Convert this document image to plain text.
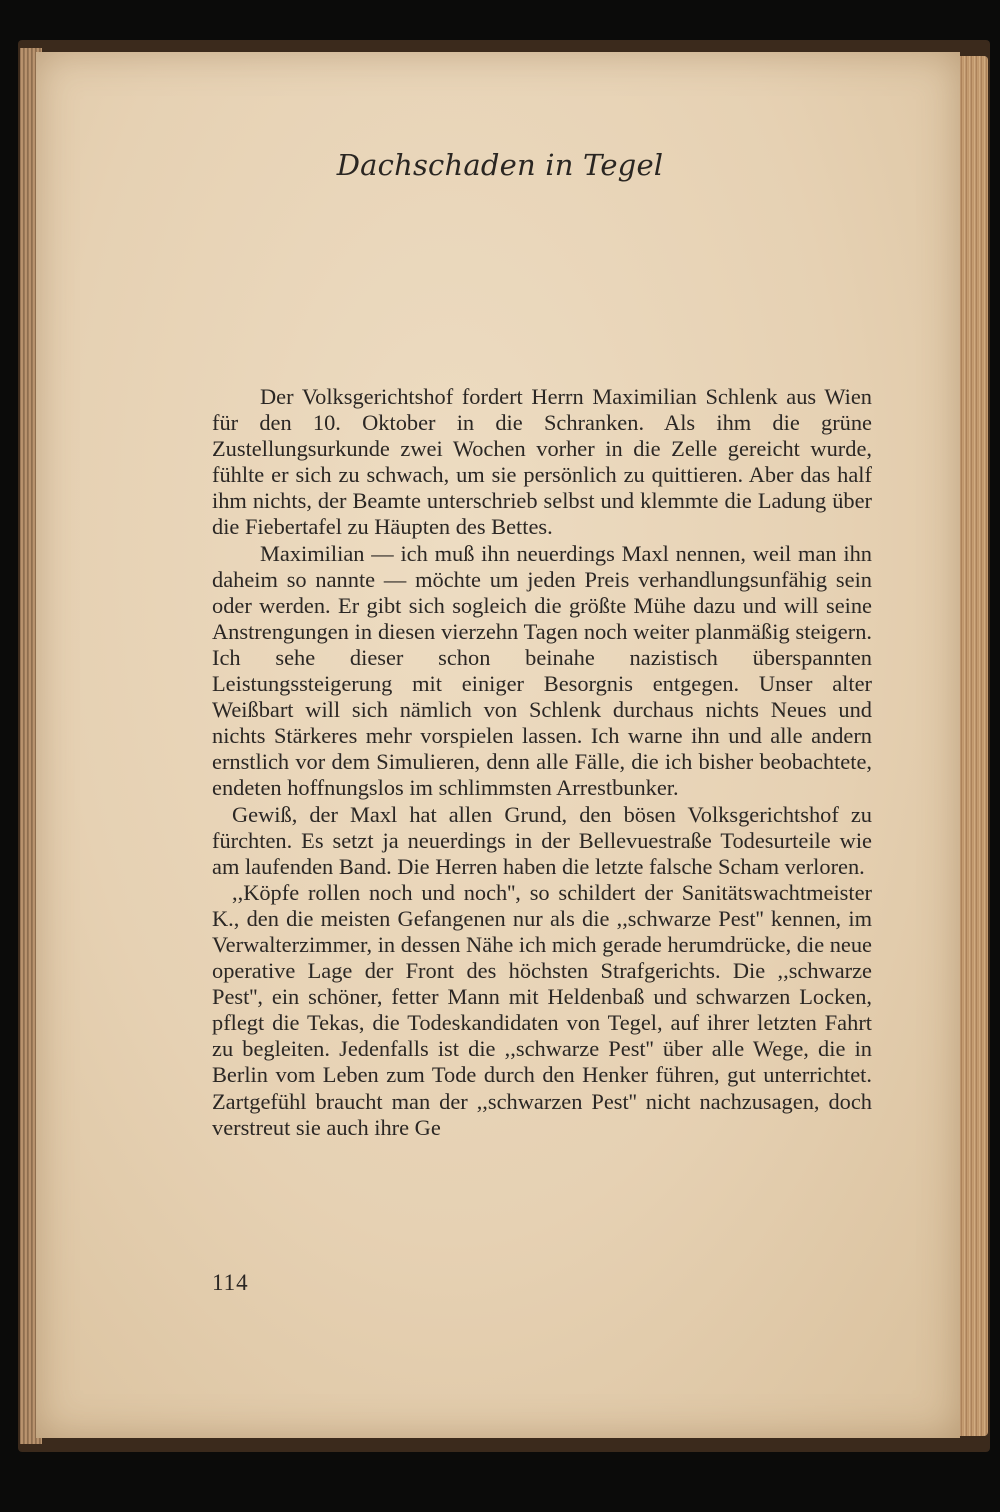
Dachschaden in Tegel

Der Volksgerichtshof fordert Herrn Maximilian Schlenk aus Wien für den 10. Oktober in die Schranken. Als ihm die grüne Zustellungsurkunde zwei Wochen vorher in die Zelle gereicht wurde, fühlte er sich zu schwach, um sie persönlich zu quittieren. Aber das half ihm nichts, der Beamte unterschrieb selbst und klemmte die Ladung über die Fiebertafel zu Häupten des Bettes.

Maximilian — ich muß ihn neuerdings Maxl nennen, weil man ihn daheim so nannte — möchte um jeden Preis verhandlungsunfähig sein oder werden. Er gibt sich sogleich die größte Mühe dazu und will seine Anstrengungen in diesen vierzehn Tagen noch weiter planmäßig steigern. Ich sehe dieser schon beinahe nazistisch überspannten Leistungssteigerung mit einiger Besorgnis entgegen. Unser alter Weißbart will sich nämlich von Schlenk durchaus nichts Neues und nichts Stärkeres mehr vorspielen lassen. Ich warne ihn und alle andern ernstlich vor dem Simulieren, denn alle Fälle, die ich bisher beobachtete, endeten hoffnungslos im schlimmsten Arrestbunker.

Gewiß, der Maxl hat allen Grund, den bösen Volksgerichtshof zu fürchten. Es setzt ja neuerdings in der Bellevuestraße Todesurteile wie am laufenden Band. Die Herren haben die letzte falsche Scham verloren.

,,Köpfe rollen noch und noch'', so schildert der Sanitätswachtmeister K., den die meisten Gefangenen nur als die ,,schwarze Pest'' kennen, im Verwalterzimmer, in dessen Nähe ich mich gerade herumdrücke, die neue operative Lage der Front des höchsten Strafgerichts. Die ,,schwarze Pest'', ein schöner, fetter Mann mit Heldenbaß und schwarzen Locken, pflegt die Tekas, die Todeskandidaten von Tegel, auf ihrer letzten Fahrt zu begleiten. Jedenfalls ist die ,,schwarze Pest'' über alle Wege, die in Berlin vom Leben zum Tode durch den Henker führen, gut unterrichtet. Zartgefühl braucht man der ,,schwarzen Pest'' nicht nachzusagen, doch verstreut sie auch ihre Ge

114
